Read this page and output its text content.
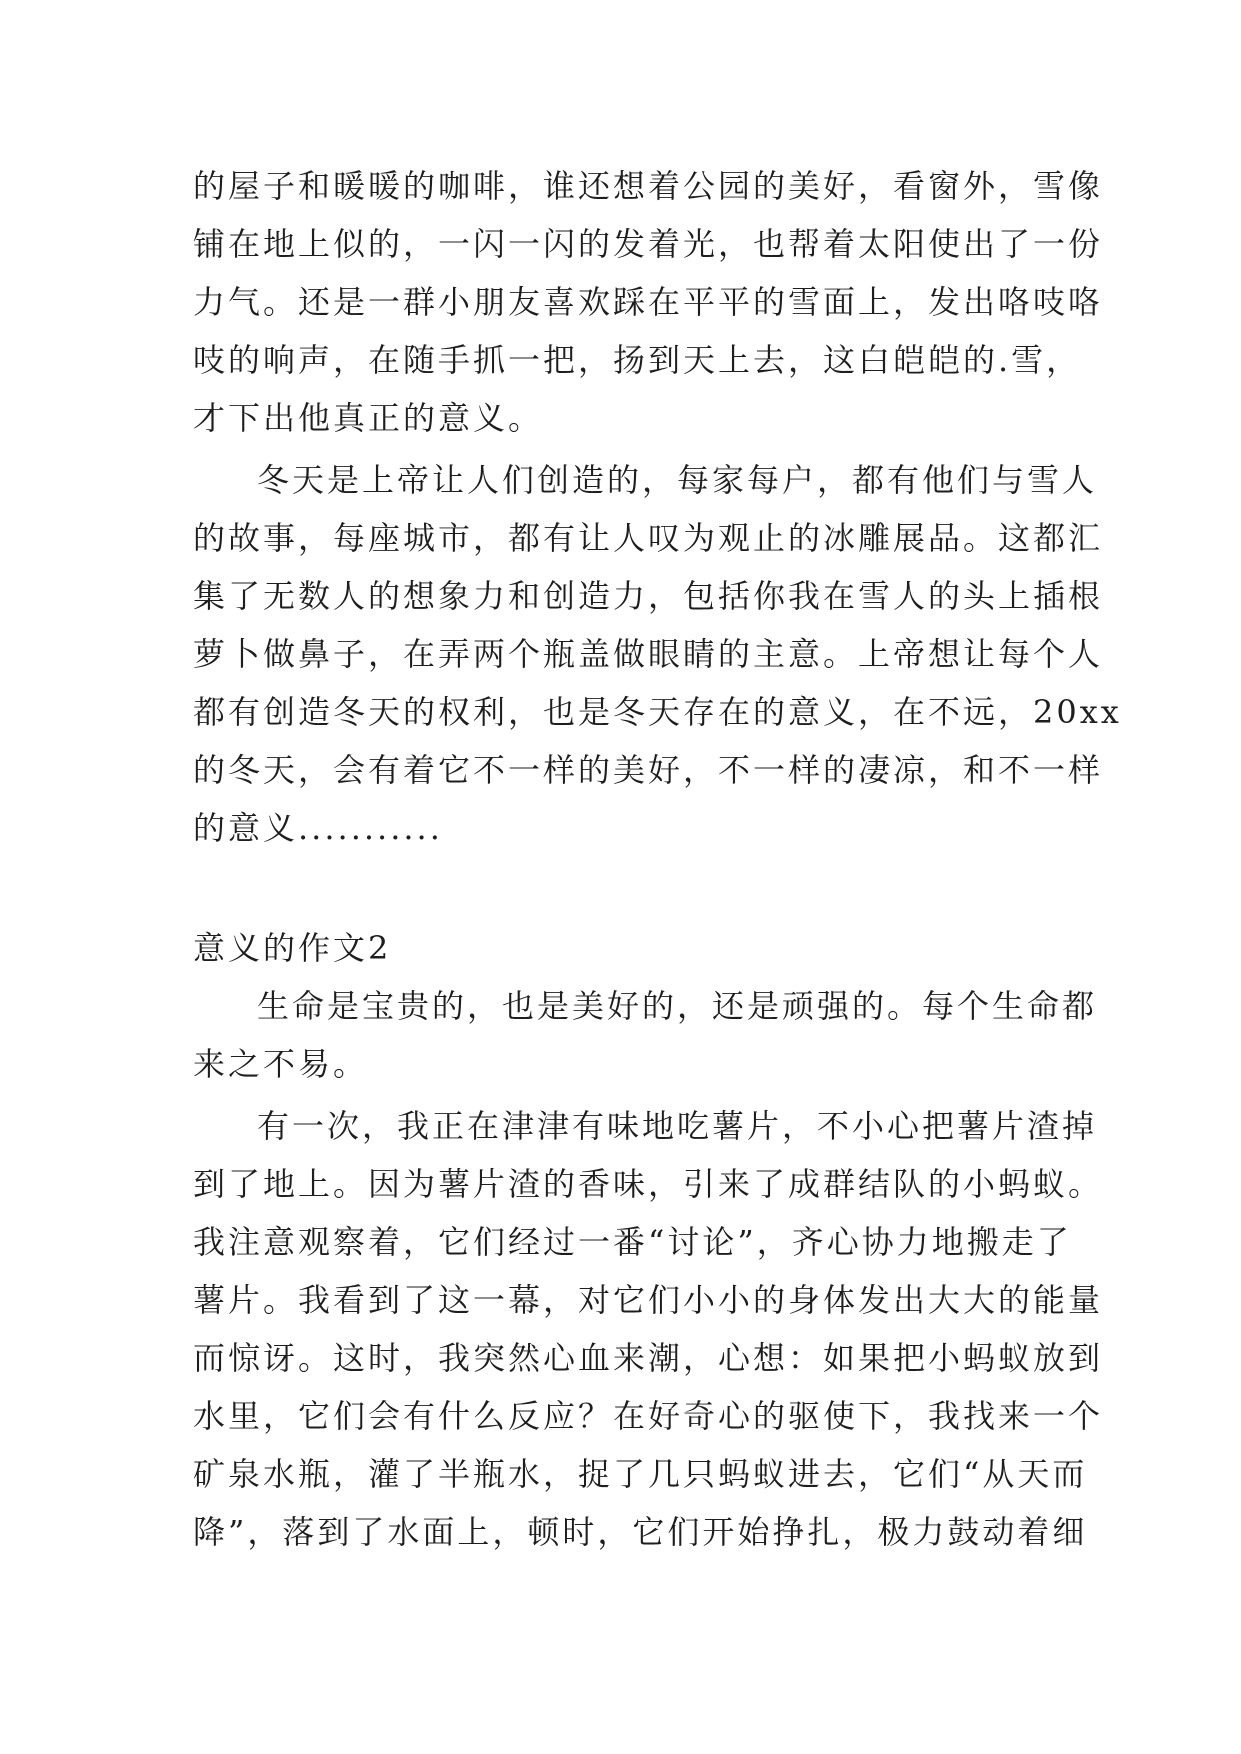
的屋子和暖暖的咖啡，谁还想着公园的美好，看窗外，雪像
铺在地上似的，一闪一闪的发着光，也帮着太阳使出了一份
力气。还是一群小朋友喜欢踩在平平的雪面上，发出咯吱咯
吱的响声，在随手抓一把，扬到天上去，这白皑皑的.雪，
才下出他真正的意义。
冬天是上帝让人们创造的，每家每户，都有他们与雪人
的故事，每座城市，都有让人叹为观止的冰雕展品。这都汇
集了无数人的想象力和创造力，包括你我在雪人的头上插根
萝卜做鼻子，在弄两个瓶盖做眼睛的主意。上帝想让每个人
都有创造冬天的权利，也是冬天存在的意义，在不远，20xx
的冬天，会有着它不一样的美好，不一样的凄凉，和不一样
的意义...........
意义的作文2
生命是宝贵的，也是美好的，还是顽强的。每个生命都
来之不易。
有一次，我正在津津有味地吃薯片，不小心把薯片渣掉
到了地上。因为薯片渣的香味，引来了成群结队的小蚂蚁。
我注意观察着，它们经过一番“讨论”，齐心协力地搬走了
薯片。我看到了这一幕，对它们小小的身体发出大大的能量
而惊讶。这时，我突然心血来潮，心想：如果把小蚂蚁放到
水里，它们会有什么反应？在好奇心的驱使下，我找来一个
矿泉水瓶，灌了半瓶水，捉了几只蚂蚁进去，它们“从天而
降”，落到了水面上，顿时，它们开始挣扎，极力鼓动着细
